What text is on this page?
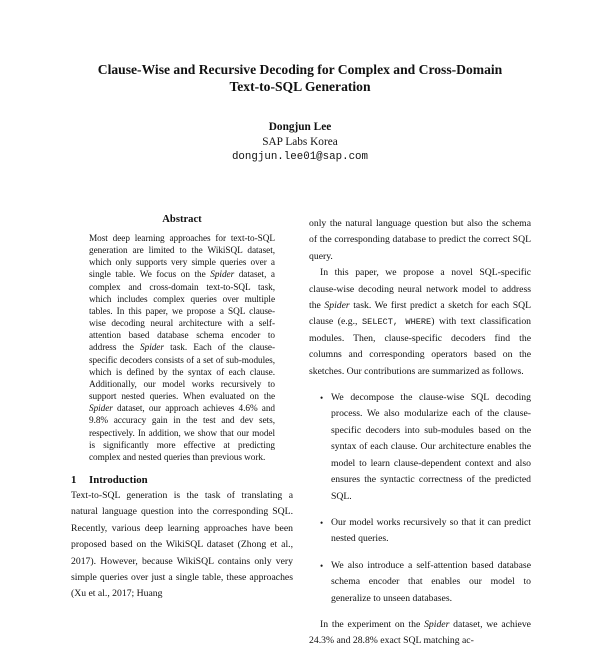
Clause-Wise and Recursive Decoding for Complex and Cross-Domain
Text-to-SQL Generation
Dongjun Lee
SAP Labs Korea
dongjun.lee01@sap.com
Abstract

Most deep learning approaches for text-to-SQL generation are limited to the WikiSQL dataset, which only supports very simple queries over a single table. We focus on the Spider dataset, a complex and cross-domain text-to-SQL task, which includes complex queries over multiple tables. In this paper, we propose a SQL clause-wise decoding neural architecture with a self-attention based database schema encoder to address the Spider task. Each of the clause-specific decoders consists of a set of sub-modules, which is defined by the syntax of each clause. Additionally, our model works recursively to support nested queries. When evaluated on the Spider dataset, our approach achieves 4.6% and 9.8% accuracy gain in the test and dev sets, respectively. In addition, we show that our model is significantly more effective at predicting complex and nested queries than previous work.

1 Introduction

Text-to-SQL generation is the task of translating a natural language question into the corresponding SQL. Recently, various deep learning approaches have been proposed based on the WikiSQL dataset (Zhong et al., 2017). However, because WikiSQL contains only very simple queries over just a single table, these approaches (Xu et al., 2017; Huang

only the natural language question but also the schema of the corresponding database to predict the correct SQL query.

In this paper, we propose a novel SQL-specific clause-wise decoding neural network model to address the Spider task. We first predict a sketch for each SQL clause (e.g., SELECT, WHERE) with text classification modules. Then, clause-specific decoders find the columns and corresponding operators based on the sketches. Our contributions are summarized as follows.

• We decompose the clause-wise SQL decoding process. We also modularize each of the clause-specific decoders into sub-modules based on the syntax of each clause. Our architecture enables the model to learn clause-dependent context and also ensures the syntactic correctness of the predicted SQL.
• Our model works recursively so that it can predict nested queries.
• We also introduce a self-attention based database schema encoder that enables our model to generalize to unseen databases.

In the experiment on the Spider dataset, we achieve 24.3% and 28.8% exact SQL matching ac-
